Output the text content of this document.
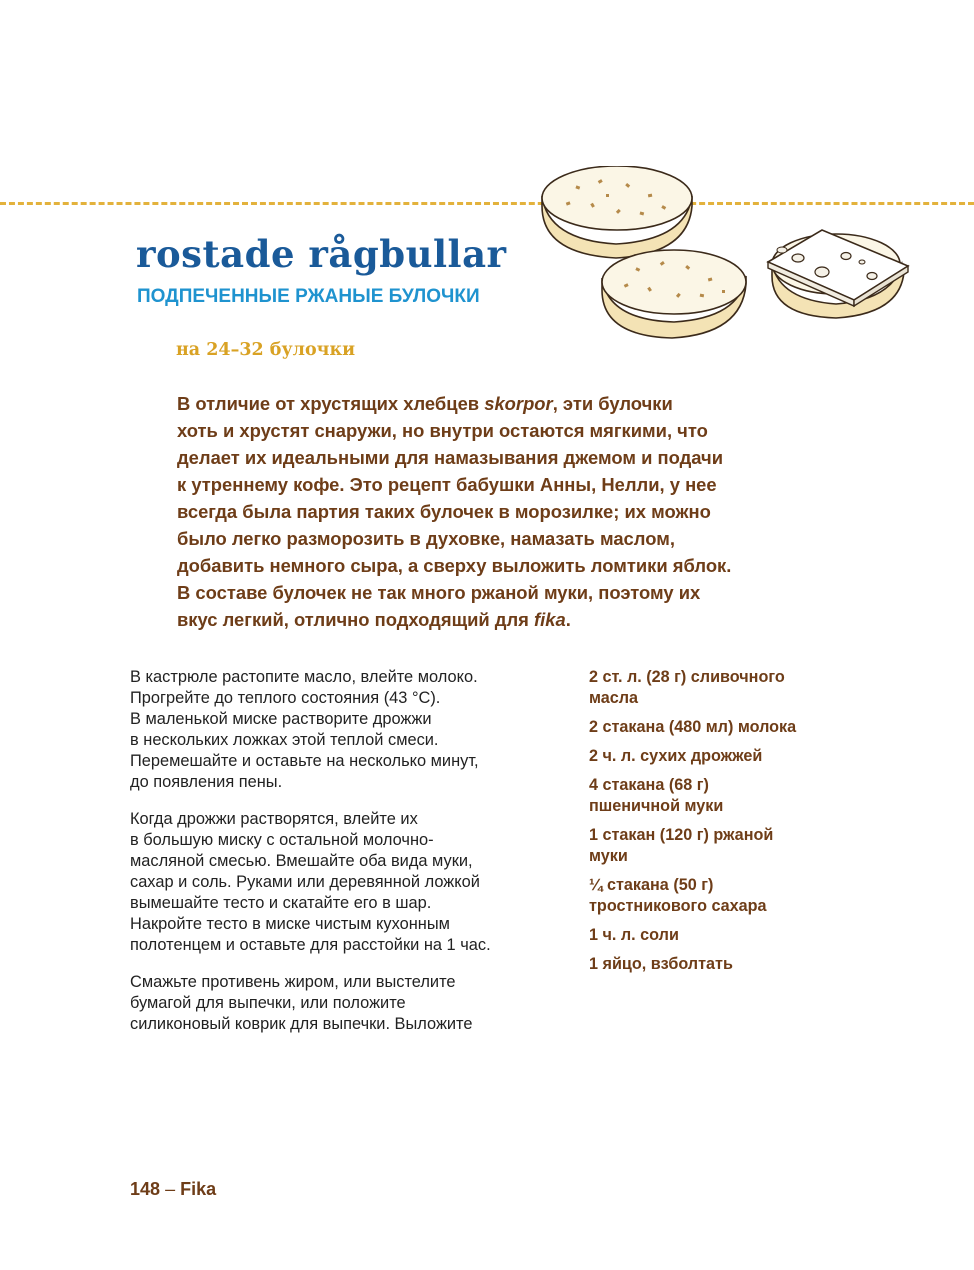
rostade rågbullar
ПОДПЕЧЕННЫЕ РЖАНЫЕ БУЛОЧКИ
на 24–32 булочки
В отличие от хрустящих хлебцев skorpor, эти булочки
хоть и хрустят снаружи, но внутри остаются мягкими, что
делает их идеальными для намазывания джемом и подачи
к утреннему кофе. Это рецепт бабушки Анны, Нелли, у нее
всегда была партия таких булочек в морозилке; их можно
было легко разморозить в духовке, намазать маслом,
добавить немного сыра, а сверху выложить ломтики яблок.
В составе булочек не так много ржаной муки, поэтому их
вкус легкий, отлично подходящий для fika.

В кастрюле растопите масло, влейте молоко.
Прогрейте до теплого состояния (43 °С).
В маленькой миске растворите дрожжи
в нескольких ложках этой теплой смеси.
Перемешайте и оставьте на несколько минут,
до появления пены.

Когда дрожжи растворятся, влейте их
в большую миску с остальной молочно-
масляной смесью. Вмешайте оба вида муки,
сахар и соль. Руками или деревянной ложкой
вымешайте тесто и скатайте его в шар.
Накройте тесто в миске чистым кухонным
полотенцем и оставьте для расстойки на 1 час.

Смажьте противень жиром, или выстелите
бумагой для выпечки, или положите
силиконовый коврик для выпечки. Выложите

2 ст. л. (28 г) сливочного
масла
2 стакана (480 мл) молока
2 ч. л. сухих дрожжей
4 стакана (68 г)
пшеничной муки
1 стакан (120 г) ржаной
муки
¼ стакана (50 г)
тростникового сахара
1 ч. л. соли
1 яйцо, взболтать
148 – Fika
